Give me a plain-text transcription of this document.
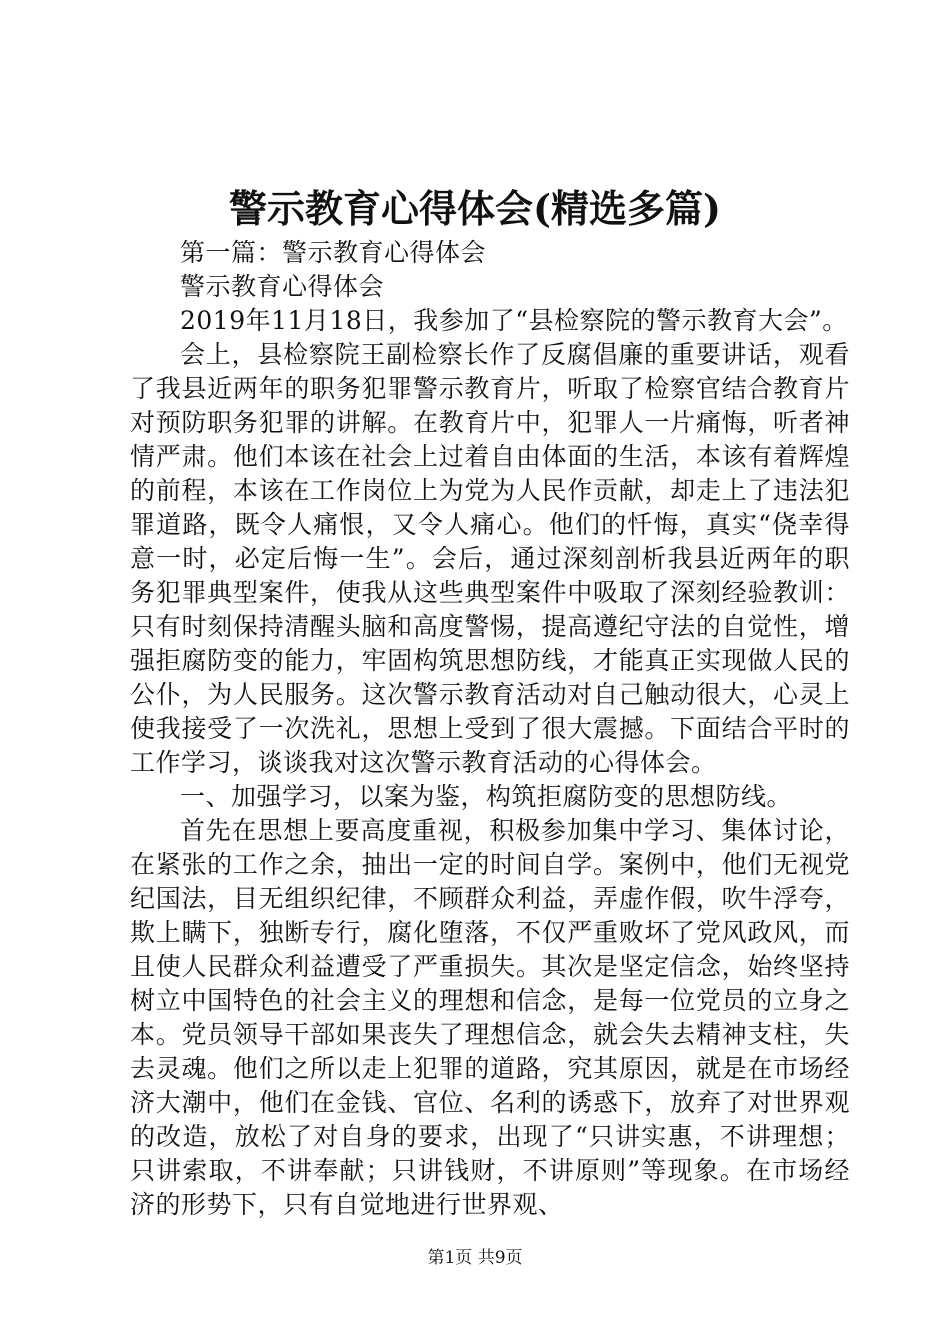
警示教育心得体会(精选多篇)

第一篇：警示教育心得体会

警示教育心得体会

2019年11月18日，我参加了“县检察院的警示教育大会”。

会上，县检察院王副检察长作了反腐倡廉的重要讲话，观看了我县近两年的职务犯罪警示教育片，听取了检察官结合教育片对预防职务犯罪的讲解。在教育片中，犯罪人一片痛悔，听者神情严肃。他们本该在社会上过着自由体面的生活，本该有着辉煌的前程，本该在工作岗位上为党为人民作贡献，却走上了违法犯罪道路，既令人痛恨，又令人痛心。他们的忏悔，真实“侥幸得意一时，必定后悔一生”。会后，通过深刻剖析我县近两年的职务犯罪典型案件，使我从这些典型案件中吸取了深刻经验教训：只有时刻保持清醒头脑和高度警惕，提高遵纪守法的自觉性，增强拒腐防变的能力，牢固构筑思想防线，才能真正实现做人民的公仆，为人民服务。这次警示教育活动对自己触动很大，心灵上使我接受了一次洗礼，思想上受到了很大震撼。下面结合平时的工作学习，谈谈我对这次警示教育活动的心得体会。

一、加强学习，以案为鉴，构筑拒腐防变的思想防线。

首先在思想上要高度重视，积极参加集中学习、集体讨论，在紧张的工作之余，抽出一定的时间自学。案例中，他们无视党纪国法，目无组织纪律，不顾群众利益，弄虚作假，吹牛浮夸，欺上瞒下，独断专行，腐化堕落，不仅严重败坏了党风政风，而且使人民群众利益遭受了严重损失。其次是坚定信念，始终坚持树立中国特色的社会主义的理想和信念，是每一位党员的立身之本。党员领导干部如果丧失了理想信念，就会失去精神支柱，失去灵魂。他们之所以走上犯罪的道路，究其原因，就是在市场经济大潮中，他们在金钱、官位、名利的诱惑下，放弃了对世界观的改造，放松了对自身的要求，出现了“只讲实惠，不讲理想；只讲索取，不讲奉献；只讲钱财，不讲原则”等现象。在市场经济的形势下，只有自觉地进行世界观、

第1页 共9页
